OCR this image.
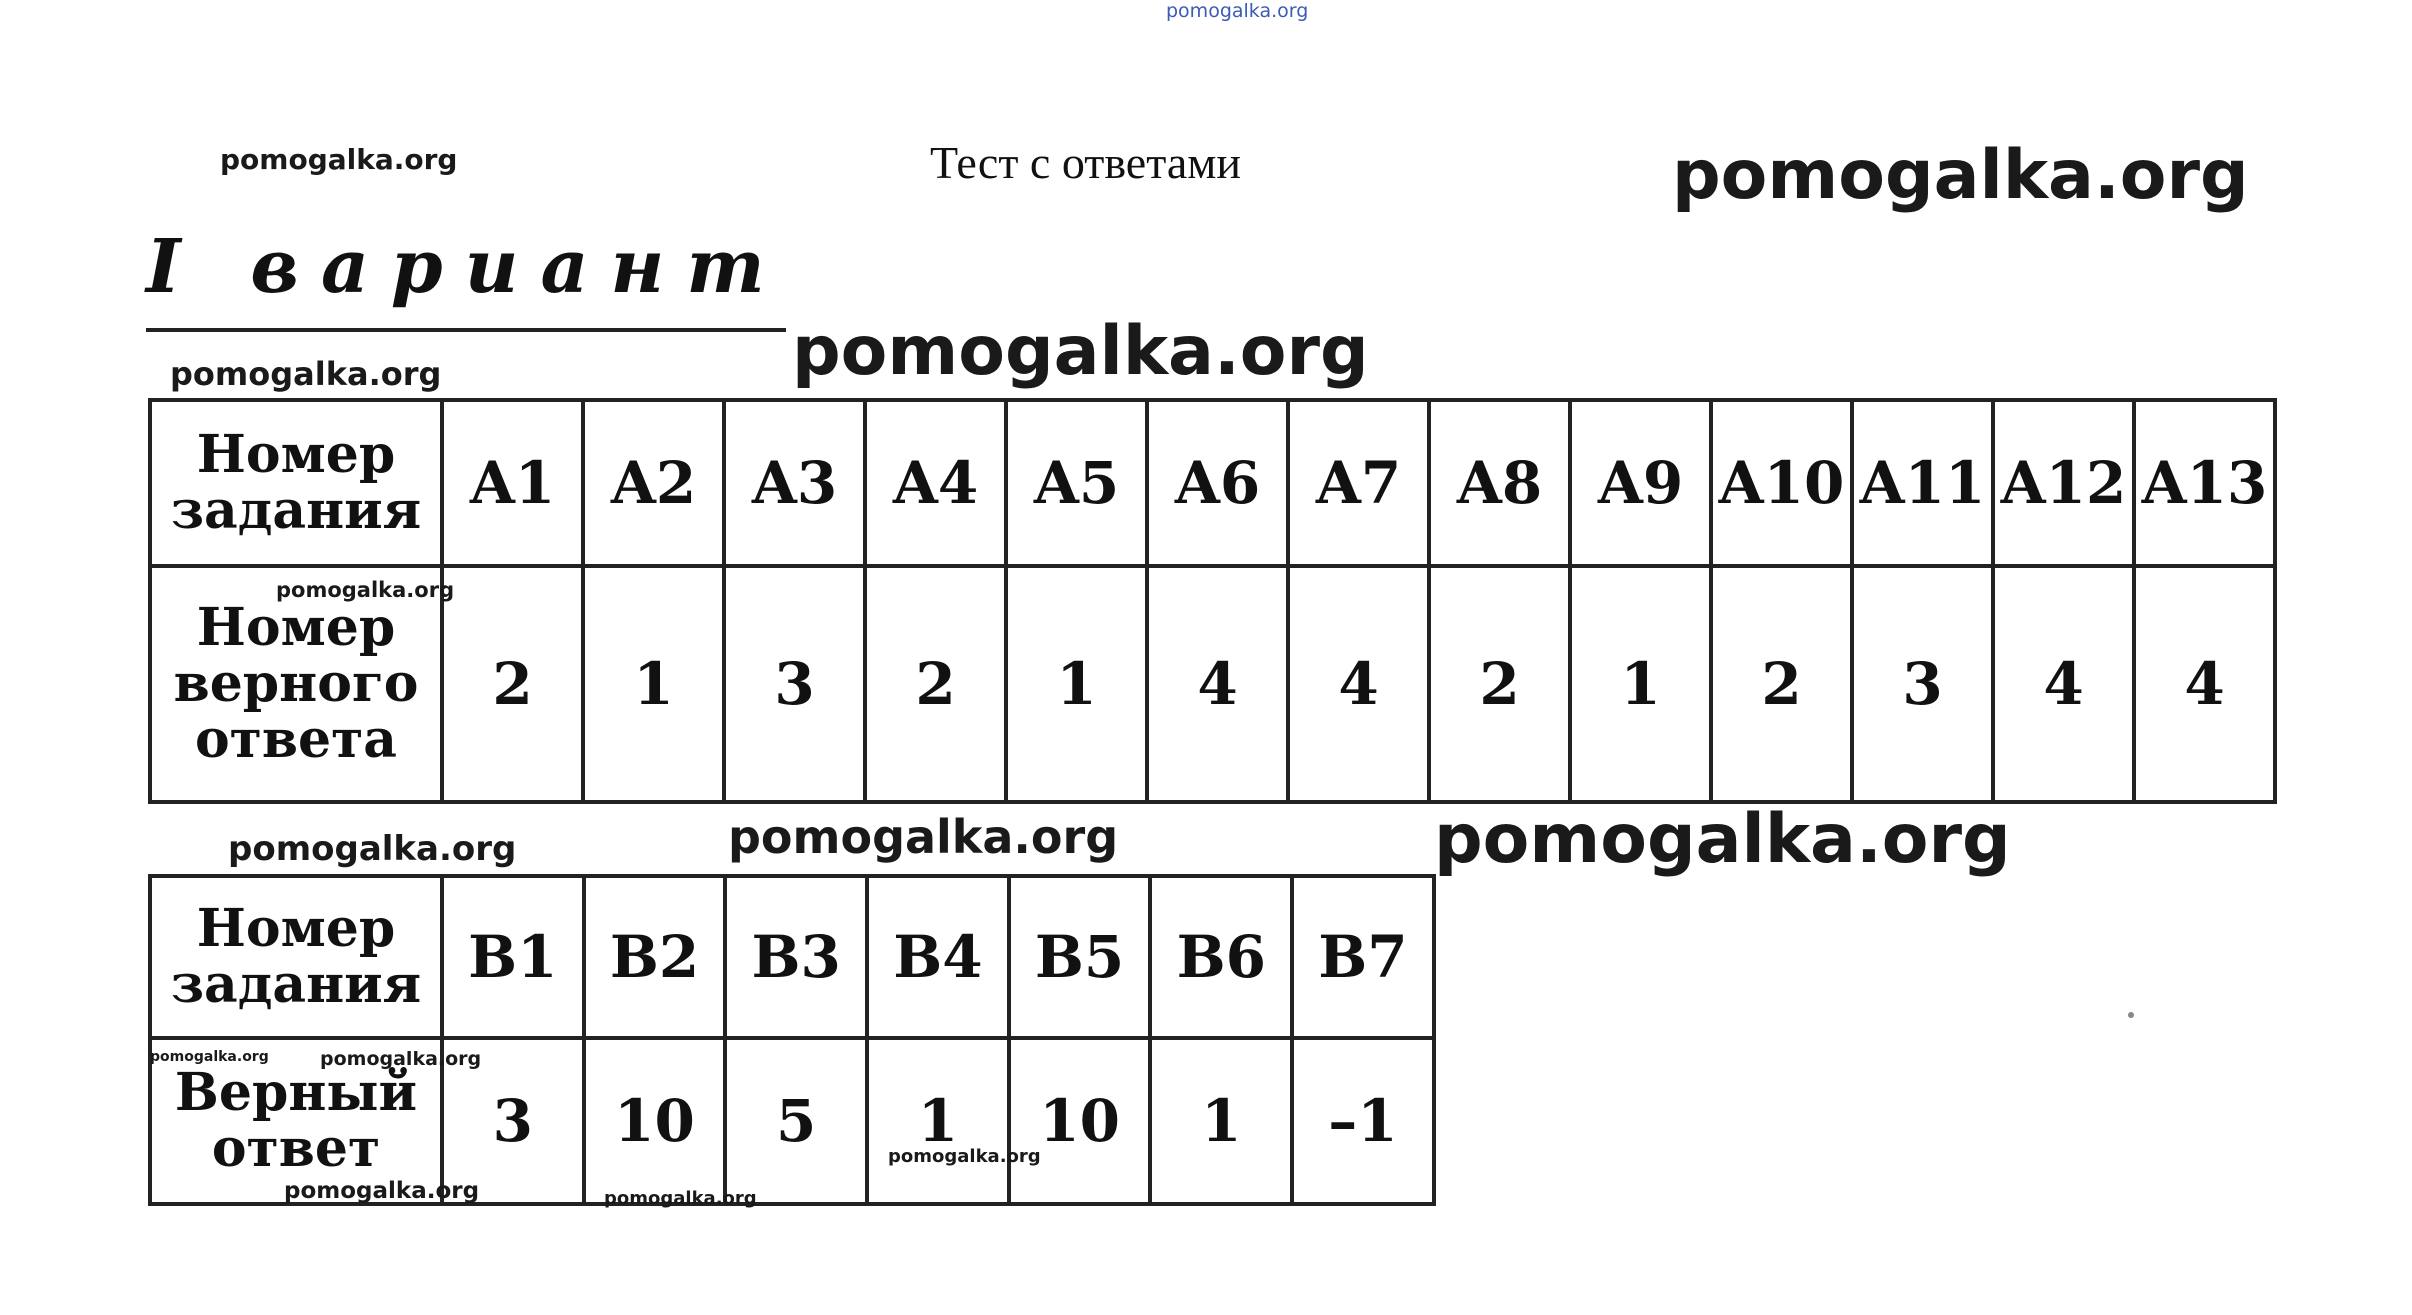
pomogalka.org
pomogalka.org	pomogalka.org
pomogalka.org
pomogalka.org
pomogalka.org
pomogalka.org	pomogalka.org	pomogalka.org
pomogalka.org	pomogalka.org
pomogalka.org	pomogalka.org
pomogalka.org
Тест с ответами
I вариант
Номер задания	A1	A2	A3	A4	A5	A6	A7	A8	A9	A10	A11	A12	A13
Номер верного ответа	2	1	3	2	1	4	4	2	1	2	3	4	4
Номер задания	B1	B2	B3	B4	B5	B6	B7
Верный ответ	3	10	5	1	10	1	–1
